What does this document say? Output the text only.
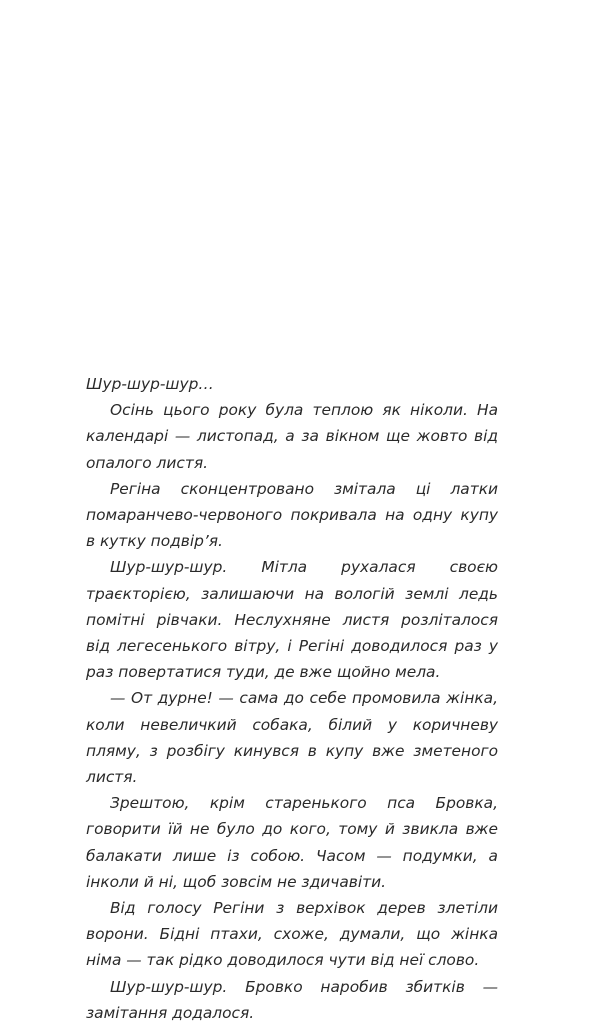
Шур-шур-шур…

Осінь цього року була теплою як ніколи. На календарі — листопад, а за вікном ще жовто від опалого листя.

Регіна сконцентровано змітала ці латки помаранчево-червоного покривала на одну купу в кутку подвір’я.

Шур-шур-шур. Мітла рухалася своєю траєкторією, залишаючи на вологій землі ледь помітні рівчаки. Неслухняне листя розліталося від легесенького вітру, і Регіні доводилося раз у раз повертатися туди, де вже щойно мела.

— От дурне! — сама до себе промовила жінка, коли невеличкий собака, білий у коричневу пляму, з розбігу кинувся в купу вже зметеного листя.

Зрештою, крім старенького пса Бровка, говорити їй не було до кого, тому й звикла вже балакати лише із собою. Часом — подумки, а інколи й ні, щоб зовсім не здичавіти.

Від голосу Регіни з верхівок дерев злетіли ворони. Бідні птахи, схоже, думали, що жінка німа — так рідко доводилося чути від неї слово.

Шур-шур-шур. Бровко наробив збитків — замітання додалося.
